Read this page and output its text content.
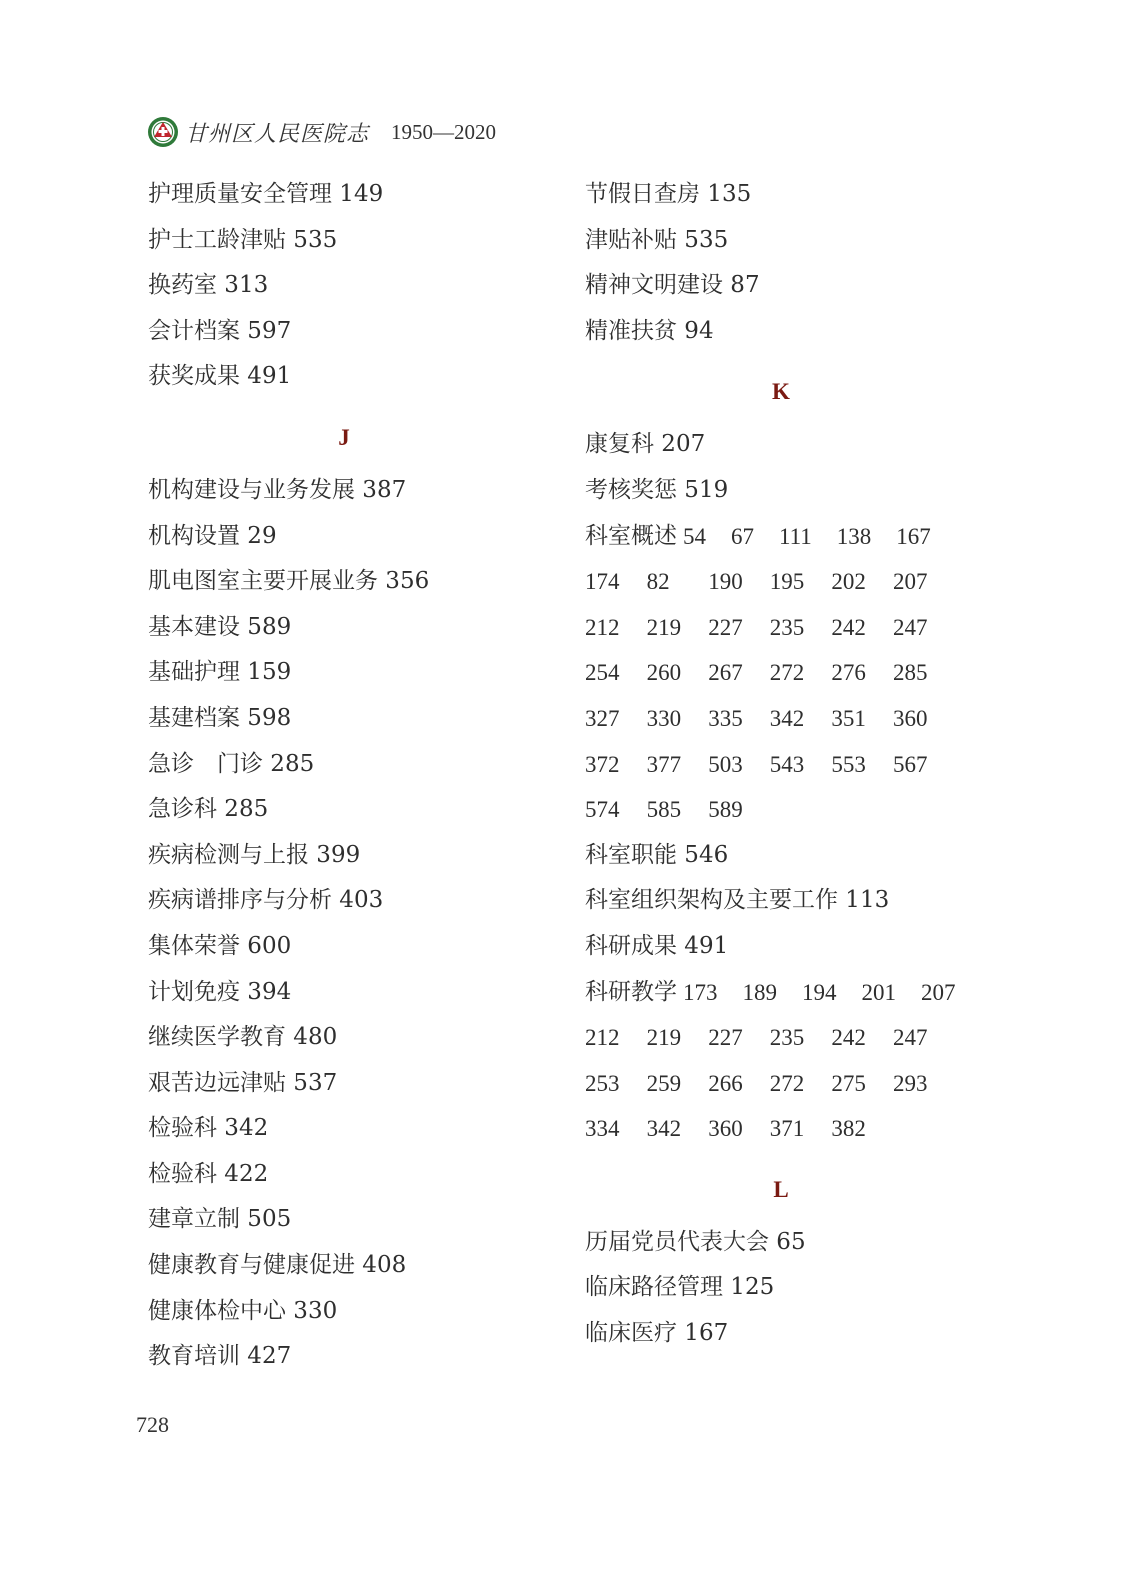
甘州区人民医院志 1950—2020
护理质量安全管理 149
护士工龄津贴 535
换药室 313
会计档案 597
获奖成果 491
J
机构建设与业务发展 387
机构设置 29
肌电图室主要开展业务 356
基本建设 589
基础护理 159
基建档案 598
急诊　门诊 285
急诊科 285
疾病检测与上报 399
疾病谱排序与分析 403
集体荣誉 600
计划免疫 394
继续医学教育 480
艰苦边远津贴 537
检验科 342
检验科 422
建章立制 505
健康教育与健康促进 408
健康体检中心 330
教育培训 427
节假日查房 135
津贴补贴 535
精神文明建设 87
精准扶贫 94
K
康复科 207
考核奖惩 519
科室概述 54 67 111 138 167
174	82	190	195	202	207
212	219	227	235	242	247
254	260	267	272	276	285
327	330	335	342	351	360
372	377	503	543	553	567
574	585	589
科室职能 546
科室组织架构及主要工作 113
科研成果 491
科研教学 173 189 194 201 207
212	219	227	235	242	247
253	259	266	272	275	293
334	342	360	371	382
L
历届党员代表大会 65
临床路径管理 125
临床医疗 167
728
